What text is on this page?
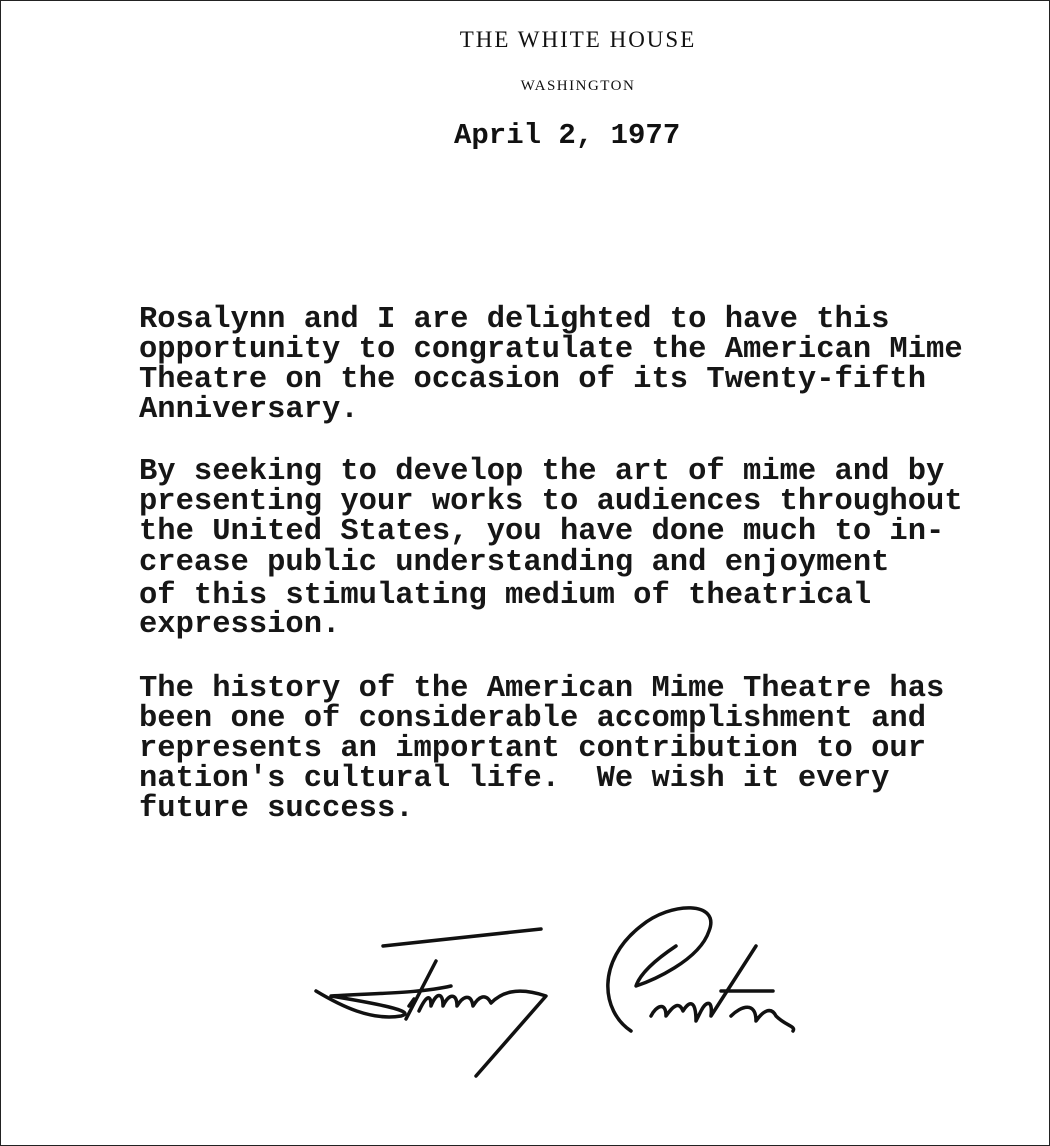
THE WHITE HOUSE
WASHINGTON
April 2, 1977
Rosalynn and I are delighted to have this
opportunity to congratulate the American Mime
Theatre on the occasion of its Twenty-fifth
Anniversary.
By seeking to develop the art of mime and by
presenting your works to audiences throughout
the United States, you have done much to in-
crease public understanding and enjoyment
of this stimulating medium of theatrical
expression.
The history of the American Mime Theatre has
been one of considerable accomplishment and
represents an important contribution to our
nation's cultural life.  We wish it every
future success.
